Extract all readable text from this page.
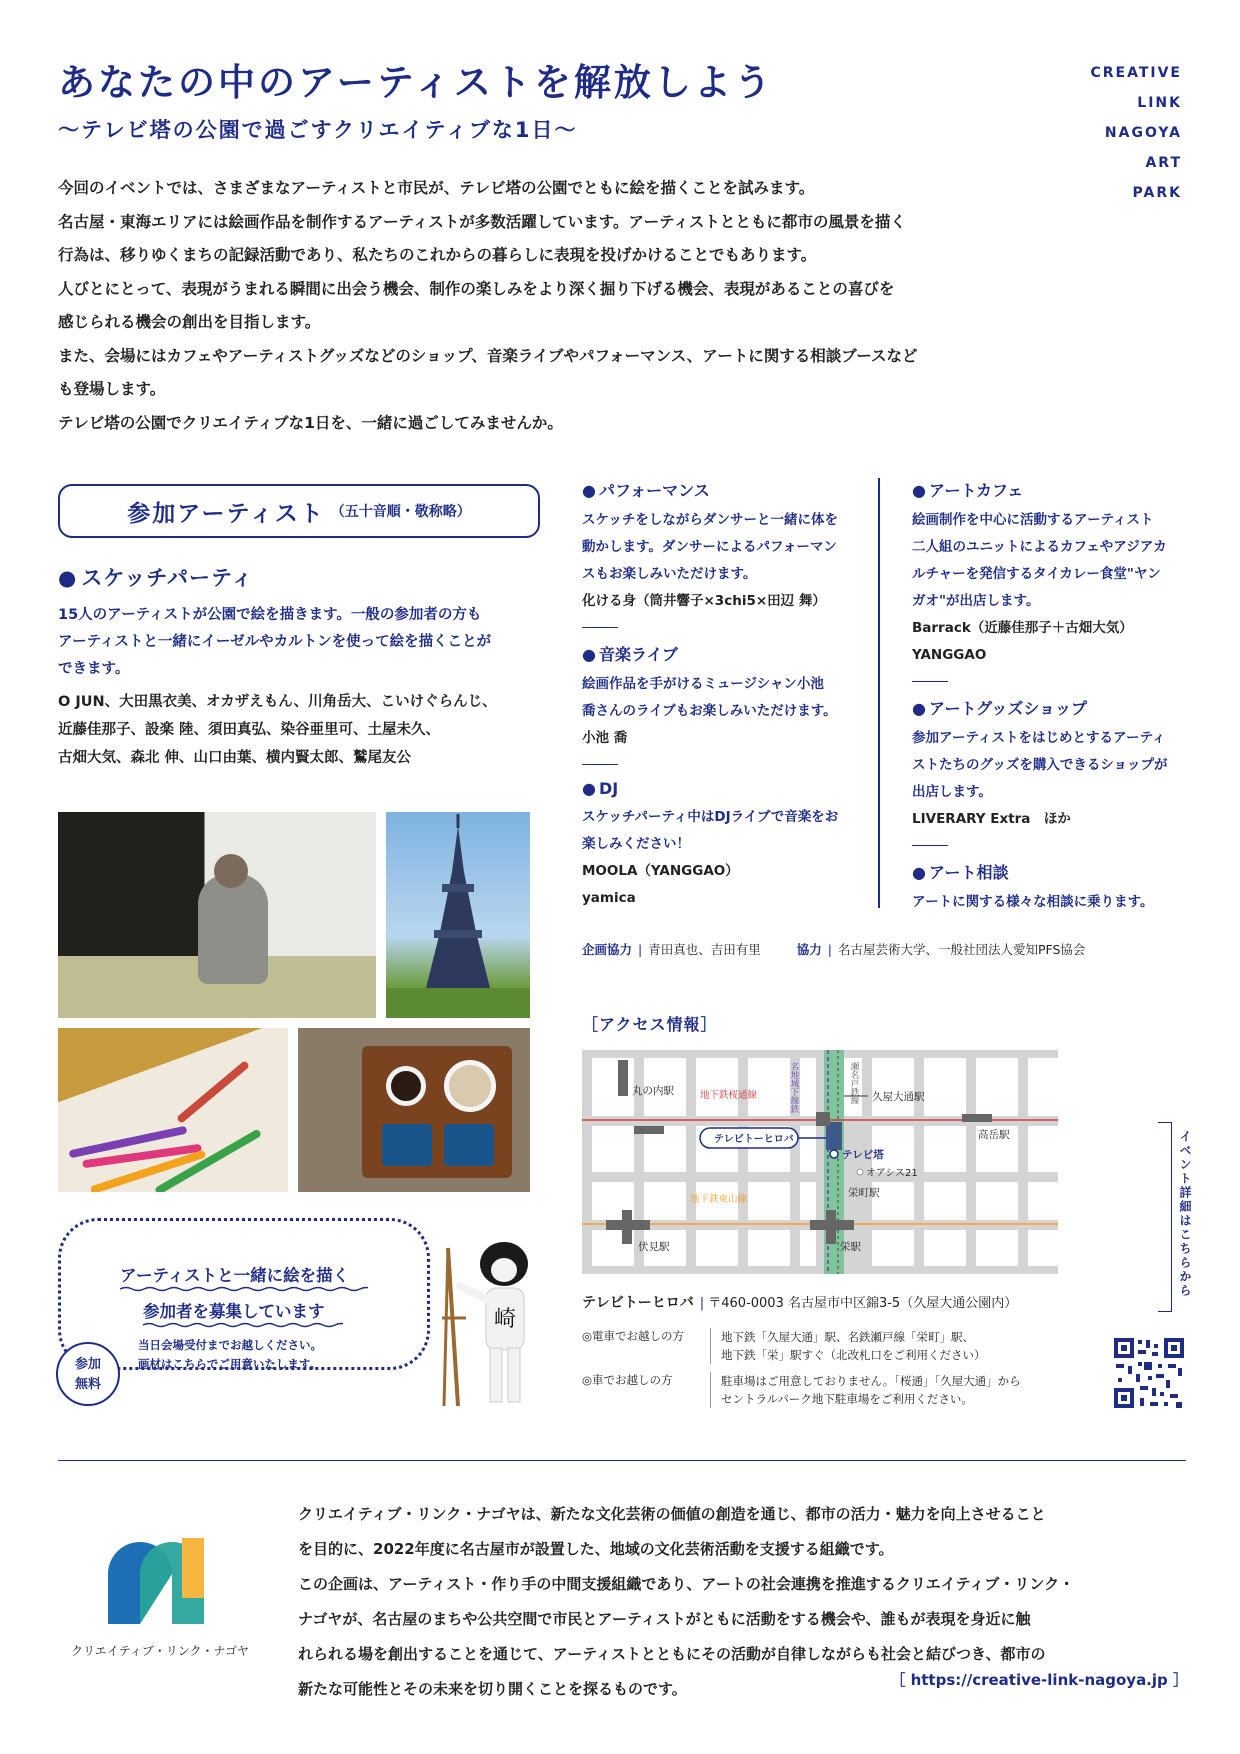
あなたの中のアーティストを解放しよう
〜テレビ塔の公園で過ごすクリエイティブな1日〜
CREATIVE
LINK
NAGOYA
ART
PARK

今回のイベントでは、さまざまなアーティストと市民が、テレビ塔の公園でともに絵を描くことを試みます。

名古屋・東海エリアには絵画作品を制作するアーティストが多数活躍しています。アーティストとともに都市の風景を描く

行為は、移りゆくまちの記録活動であり、私たちのこれからの暮らしに表現を投げかけることでもあります。

人びとにとって、表現がうまれる瞬間に出会う機会、制作の楽しみをより深く掘り下げる機会、表現があることの喜びを

感じられる機会の創出を目指します。

また、会場にはカフェやアーティストグッズなどのショップ、音楽ライブやパフォーマンス、アートに関する相談ブースなど

も登場します。

テレビ塔の公園でクリエイティブな1日を、一緒に過ごしてみませんか。

参加アーティスト （五十音順・敬称略）
● スケッチパーティ
15人のアーティストが公園で絵を描きます。一般の参加者の方も
アーティストと一緒にイーゼルやカルトンを使って絵を描くことが
できます。
O JUN、大田黒衣美、オカザえもん、川角岳大、こいけぐらんじ、
近藤佳那子、設楽 陸、須田真弘、染谷亜里可、土屋未久、
古畑大気、森北 伸、山口由葉、横内賢太郎、鷲尾友公
● パフォーマンス
スケッチをしながらダンサーと一緒に体を
動かします。ダンサーによるパフォーマン
スもお楽しみいただけます。
化ける身（筒井響子×3chi5×田辺 舞）
● 音楽ライブ
絵画作品を手がけるミュージシャン小池
喬さんのライブもお楽しみいただけます。
小池 喬
● DJ
スケッチパーティ中はDJライブで音楽をお
楽しみください！
MOOLA（YANGGAO）
yamica
● アートカフェ
絵画制作を中心に活動するアーティスト
二人組のユニットによるカフェやアジアカ
ルチャーを発信するタイカレー食堂"ヤン
ガオ"が出店します。
Barrack（近藤佳那子＋古畑大気）
YANGGAO
● アートグッズショップ
参加アーティストをはじめとするアーティ
ストたちのグッズを購入できるショップが
出店します。
LIVERARY Extra　ほか
● アート相談
アートに関する様々な相談に乗ります。
企画協力 | 青田真也、吉田有里	協力 | 名古屋芸術大学、一般社団法人愛知PFS協会
アーティストと一緒に絵を描く
参加者を募集しています
当日会場受付までお越しください。
画材はこちらでご用意いたします。
参加
無料
崎
［アクセス情報］
丸の内駅	地下鉄桜通線	久屋大通駅
高岳駅
テレビトーヒロバ
テレビ塔
オアシス21
栄町駅
地下鉄東山線
伏見駅	栄駅
名地城下線鉄	瀬名戸鉄線
テレビトーヒロバ | 〒460-0003 名古屋市中区錦3-5（久屋大通公園内）
◎電車でお越しの方	地下鉄「久屋大通」駅、名鉄瀬戸線「栄町」駅、
地下鉄「栄」駅すぐ（北改札口をご利用ください）
◎車でお越しの方	駐車場はご用意しておりません。「桜通」「久屋大通」から
セントラルパーク地下駐車場をご利用ください。
イベント詳細はこちらから
クリエイティブ・リンク・ナゴヤ

クリエイティブ・リンク・ナゴヤは、新たな文化芸術の価値の創造を通じ、都市の活力・魅力を向上させること

を目的に、2022年度に名古屋市が設置した、地域の文化芸術活動を支援する組織です。

この企画は、アーティスト・作り手の中間支援組織であり、アートの社会連携を推進するクリエイティブ・リンク・

ナゴヤが、名古屋のまちや公共空間で市民とアーティストがともに活動をする機会や、誰もが表現を身近に触

れられる場を創出することを通じて、アーティストとともにその活動が自律しながらも社会と結びつき、都市の

新たな可能性とその未来を切り開くことを探るものです。	［ https://creative-link-nagoya.jp ］
